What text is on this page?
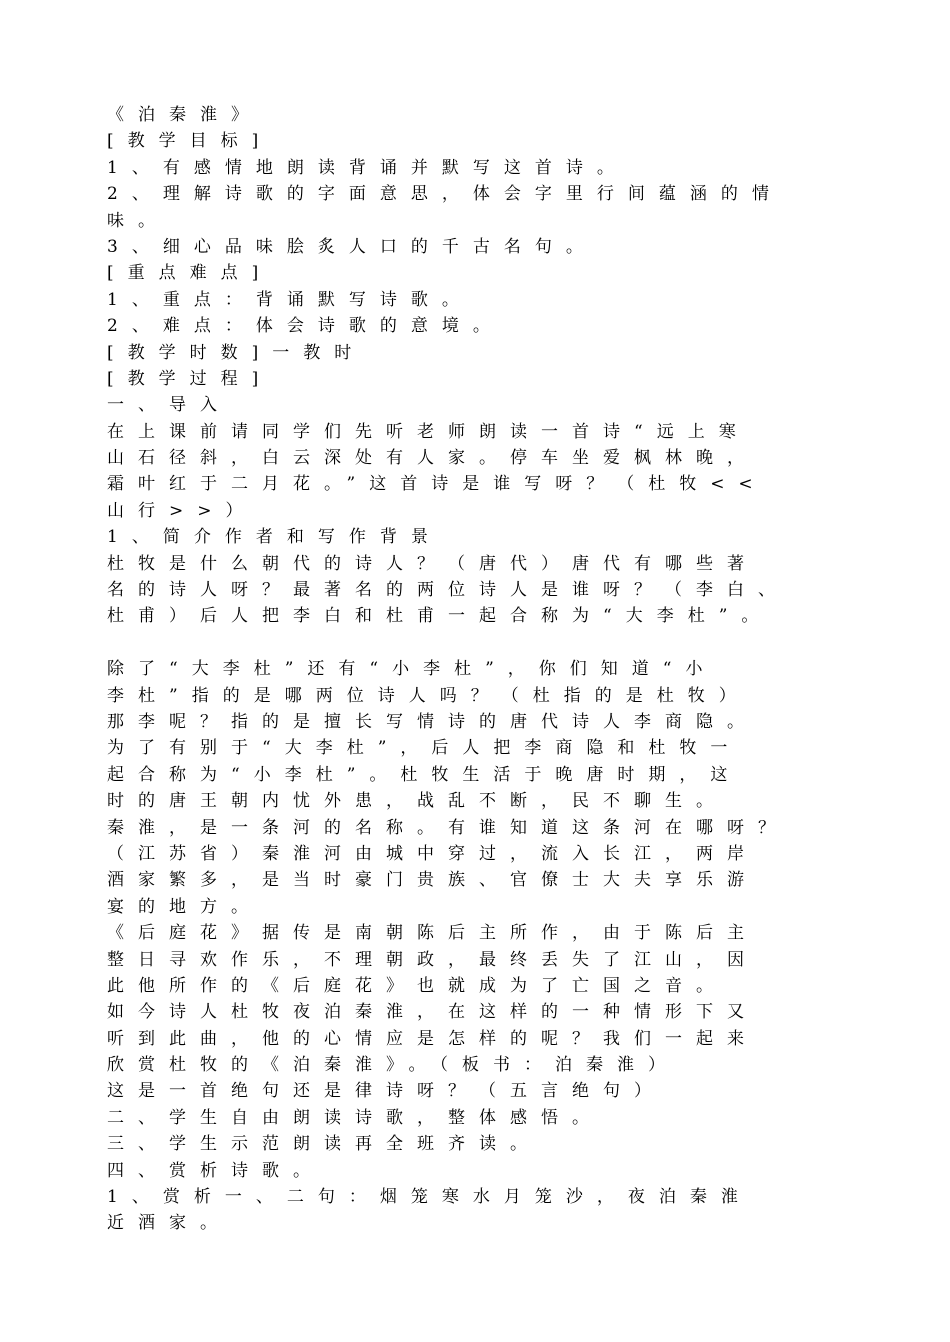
《泊秦淮》
[教学目标]
1、有感情地朗读背诵并默写这首诗。
2、理解诗歌的字面意思，体会字里行间蕴涵的情
味。
3、细心品味脍炙人口的千古名句。
[重点难点]
1、重点：背诵默写诗歌。
2、难点：体会诗歌的意境。
[教学时数]一教时
[教学过程]
一、导入
在上课前请同学们先听老师朗读一首诗“远上寒
山石径斜，白云深处有人家。停车坐爱枫林晚，
霜叶红于二月花。”这首诗是谁写呀？（杜牧<<
山行>>）
1、简介作者和写作背景
杜牧是什么朝代的诗人？（唐代）唐代有哪些著
名的诗人呀？最著名的两位诗人是谁呀？（李白、
杜甫）后人把李白和杜甫一起合称为“大李杜”。
除了“大李杜”还有“小李杜”，你们知道“小
李杜”指的是哪两位诗人吗？（杜指的是杜牧）
那李呢？指的是擅长写情诗的唐代诗人李商隐。
为了有别于“大李杜”，后人把李商隐和杜牧一
起合称为“小李杜”。杜牧生活于晚唐时期，这
时的唐王朝内忧外患，战乱不断，民不聊生。
秦淮，是一条河的名称。有谁知道这条河在哪呀？
（江苏省）秦淮河由城中穿过，流入长江，两岸
酒家繁多，是当时豪门贵族、官僚士大夫享乐游
宴的地方。
《后庭花》据传是南朝陈后主所作，由于陈后主
整日寻欢作乐，不理朝政，最终丢失了江山，因
此他所作的《后庭花》也就成为了亡国之音。
如今诗人杜牧夜泊秦淮，在这样的一种情形下又
听到此曲，他的心情应是怎样的呢？我们一起来
欣赏杜牧的《泊秦淮》。（板书：泊秦淮）
这是一首绝句还是律诗呀？（五言绝句）
二、学生自由朗读诗歌，整体感悟。
三、学生示范朗读再全班齐读。
四、赏析诗歌。
1、赏析一、二句：烟笼寒水月笼沙，夜泊秦淮
近酒家。
